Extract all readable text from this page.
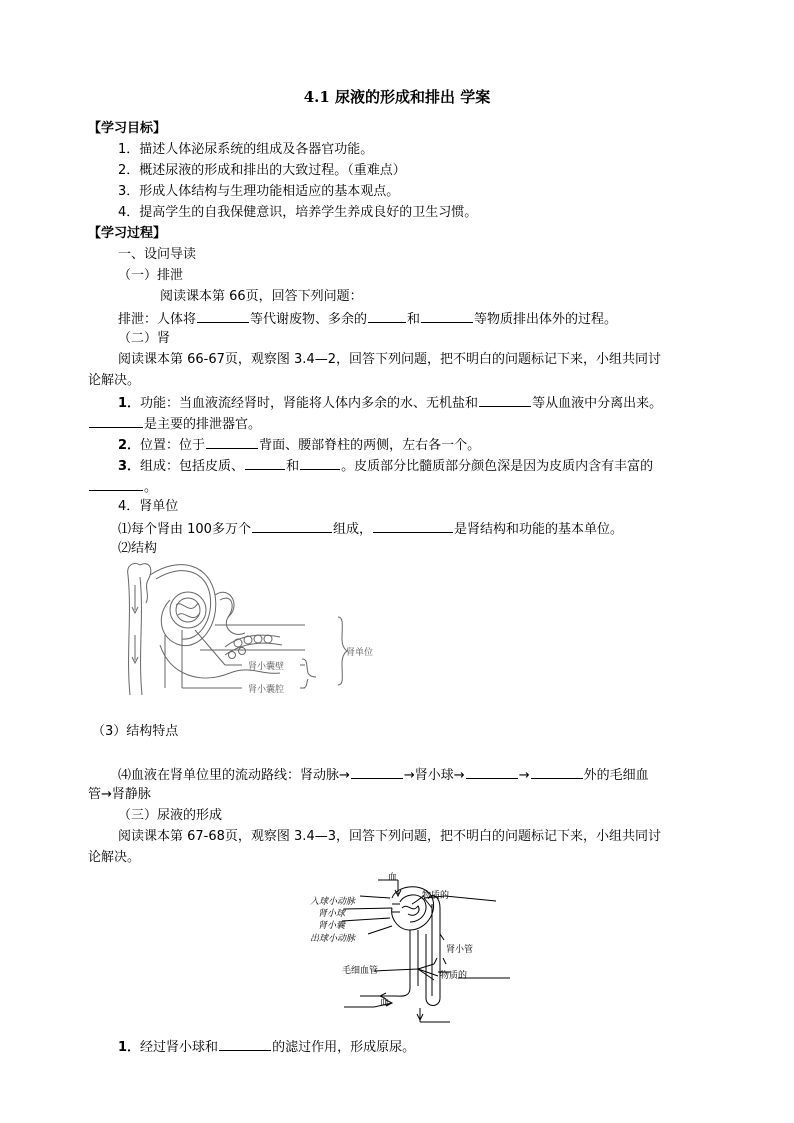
4.1 尿液的形成和排出 学案
【学习目标】
1．描述人体泌尿系统的组成及各器官功能。
2．概述尿液的形成和排出的大致过程。（重难点）
3．形成人体结构与生理功能相适应的基本观点。
4．提高学生的自我保健意识，培养学生养成良好的卫生习惯。
【学习过程】
一、设问导读
（一）排泄
阅读课本第 66页，回答下列问题：
排泄：人体将	等代谢废物、多余的	和	等物质排出体外的过程。
（二）肾
阅读课本第 66-67页，观察图 3.4—2，回答下列问题，把不明白的问题标记下来，小组共同讨
论解决。
1．功能：当血液流经肾时，肾能将人体内多余的水、无机盐和	等从血液中分离出来。
是主要的排泄器官。
2．位置：位于	背面、腰部脊柱的两侧，左右各一个。
3．组成：包括皮质、	和	。皮质部分比髓质部分颜色深是因为皮质内含有丰富的
。
4．肾单位
⑴每个肾由 100多万个	组成，	是肾结构和功能的基本单位。
⑵结构
肾小囊壁
肾小囊腔
肾单位
（3）结构特点
⑷血液在肾单位里的流动路线：肾动脉→	→肾小球→	→	外的毛细血
管→肾静脉
（三）尿液的形成
阅读课本第 67-68页，观察图 3.4—3，回答下列问题，把不明白的问题标记下来，小组共同讨
论解决。
血
入球小动脉
肾小球
肾小囊
出球小动脉
毛细血管
血
物质的
肾小管
物质的
1．经过肾小球和	的滤过作用，形成原尿。
